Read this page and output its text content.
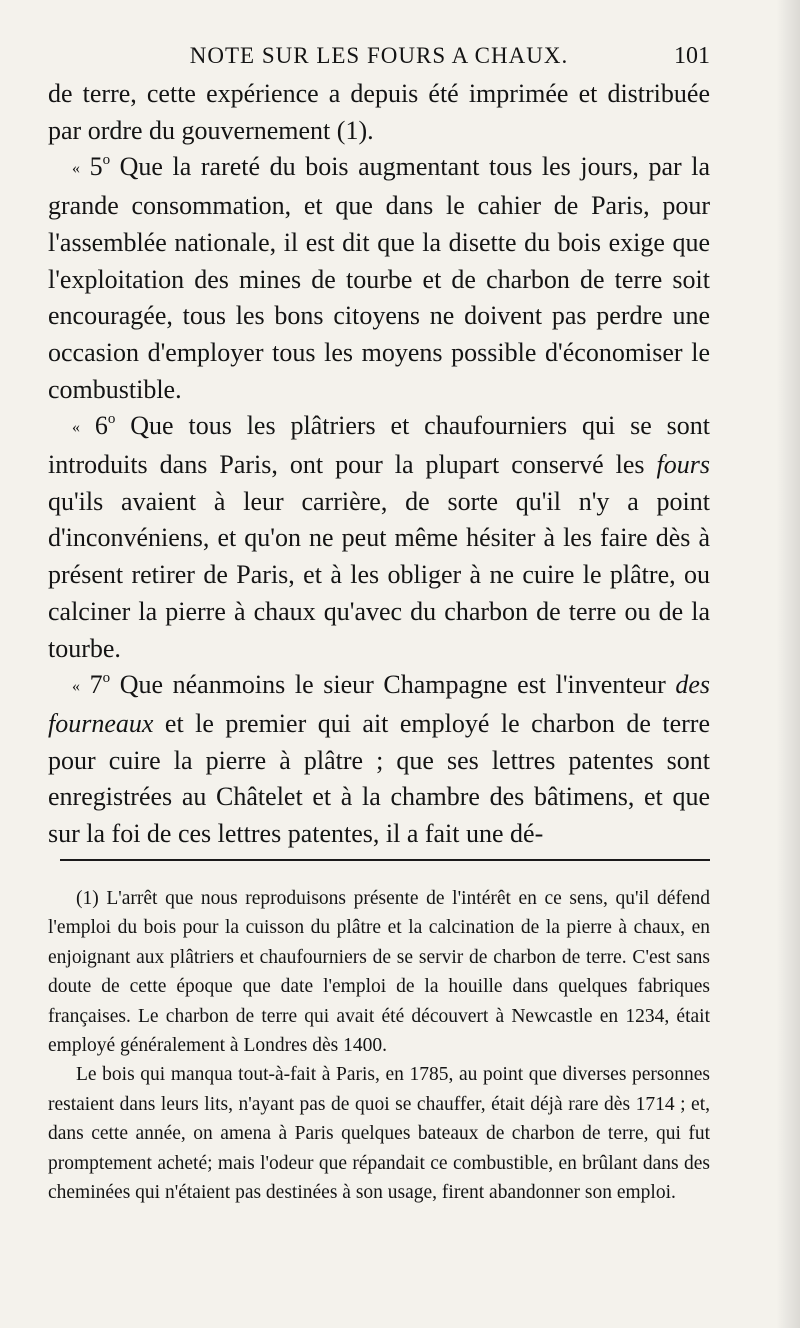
NOTE SUR LES FOURS A CHAUX.	101

de terre, cette expérience a depuis été imprimée et distribuée par ordre du gouvernement (1).

« 5$^o$ Que la rareté du bois augmentant tous les jours, par la grande consommation, et que dans le cahier de Paris, pour l'assemblée nationale, il est dit que la disette du bois exige que l'exploitation des mines de tourbe et de charbon de terre soit encouragée, tous les bons citoyens ne doivent pas perdre une occasion d'employer tous les moyens possible d'économiser le combustible.

« 6$^o$ Que tous les plâtriers et chaufourniers qui se sont introduits dans Paris, ont pour la plupart conservé les fours qu'ils avaient à leur carrière, de sorte qu'il n'y a point d'inconvéniens, et qu'on ne peut même hésiter à les faire dès à présent retirer de Paris, et à les obliger à ne cuire le plâtre, ou calciner la pierre à chaux qu'avec du charbon de terre ou de la tourbe.

« 7$^o$ Que néanmoins le sieur Champagne est l'inventeur des fourneaux et le premier qui ait employé le charbon de terre pour cuire la pierre à plâtre ; que ses lettres patentes sont enregistrées au Châtelet et à la chambre des bâtimens, et que sur la foi de ces lettres patentes, il a fait une dé-

(1) L'arrêt que nous reproduisons présente de l'intérêt en ce sens, qu'il défend l'emploi du bois pour la cuisson du plâtre et la calcination de la pierre à chaux, en enjoignant aux plâtriers et chaufourniers de se servir de charbon de terre. C'est sans doute de cette époque que date l'emploi de la houille dans quelques fabriques françaises. Le charbon de terre qui avait été découvert à Newcastle en 1234, était employé généralement à Londres dès 1400.

Le bois qui manqua tout-à-fait à Paris, en 1785, au point que diverses personnes restaient dans leurs lits, n'ayant pas de quoi se chauffer, était déjà rare dès 1714 ; et, dans cette année, on amena à Paris quelques bateaux de charbon de terre, qui fut promptement acheté; mais l'odeur que répandait ce combustible, en brûlant dans des cheminées qui n'étaient pas destinées à son usage, firent abandonner son emploi.
